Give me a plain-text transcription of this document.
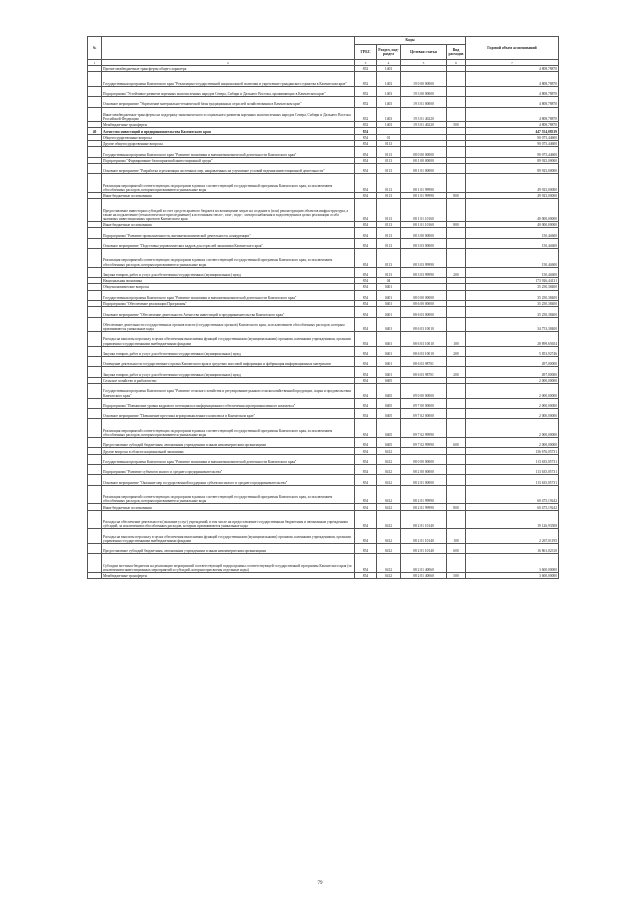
№		Коды				Годовой объем ассигнований
		ГРБС	Раздел, под-раздел	Целевая статья	Вид расходов	
1	2	3	4	5	6	7
	Прочие межбюджетные трансферты общего характера	852	1403			4 808,78870
	Государственная программа Камчатского края "Реализация государственной национальной политики и укрепление гражданского единства в Камчатском крае"	852	1403	19 0 00 00000		4 808,78870
	Подпрограмма "Устойчивое развитие коренных малочисленных народов Севера, Сибири и Дальнего Востока, проживающих в Камчатском крае"	852	1403	19 3 00 00000		4 808,78870
	Основное мероприятие "Укрепление материально-технической базы традиционных отраслей хозяйствования в Камчатском крае"	852	1403	19 3 01 00000		4 808,78870
	Иные межбюджетные трансферты на поддержку экономического и социального развития коренных малочисленных народов Севера, Сибири и Дальнего Востока Российской Федерации	852	1403	19 3 01 40220		4 808,78870
	Межбюджетные трансферты	852	1403	19 3 01 40220	500	4 808,78870
40	Агентство инвестиций и предпринимательства Камчатского края	854				447 554,08319
	Общегосударственные вопросы	854	01			90 075,44600
	Другие общегосударственные вопросы	854	0113			90 075,44600
	Государственная программа Камчатского края "Развитие экономики и внешнеэкономической деятельности Камчатского края"	854	0113	08 0 00 00000		90 075,44600
	Подпрограмма "Формирование благоприятной инвестиционной среды"	854	0113	08 1 00 00000		89 925,00000
	Основное мероприятие "Разработка и реализация системных мер, направленных на улучшение условий ведения инвестиционной деятельности"	854	0113	08 1 01 00000		89 925,00000
	Реализация мероприятий соответствующих подпрограмм в рамках соответствующей государственной программы Камчатского края, за исключением обособленных расходов, которым присваиваются уникальные коды	854	0113	08 1 01 99990		49 925,00000
	Иные бюджетные ассигнования	854	0113	08 1 01 99990	800	49 925,00000
	Предоставление инвесторам субсидий за счет средств краевого бюджета на возмещение затрат на создание и (или) реконструкцию объектов инфраструктуры, а также на подключение (технологическое присоединение) к источникам тепло-, газо-, водо-, электроснабжения и водоотведения в целях реализации особо значимых инвестиционных проектов Камчатского края	854	0113	08 1 01 10160		40 000,00000
	Иные бюджетные ассигнования	854	0113	08 1 01 10160	800	40 000,00000
	Подпрограмма "Развитие промышленности, внешнеэкономической деятельности, конкуренции"	854	0113	08 3 00 00000		150,44600
	Основное мероприятие "Подготовка управленческих кадров для отраслей экономики Камчатского края"	854	0113	08 3 03 00000		150,44600
	Реализация мероприятий соответствующих подпрограмм в рамках соответствующей государственной программы Камчатского края, за исключением обособленных расходов, которым присваиваются уникальные коды	854	0113	08 3 03 99990		150,44600
	Закупка товаров, работ и услуг для обеспечения государственных (муниципальных) нужд	854	0113	08 3 03 99990	200	150,44600
	Национальная экономика	854	04			173 926,44131
	Общеэкономические вопросы	854	0401			35 250,38400
	Государственная программа Камчатского края "Развитие экономики и внешнеэкономической деятельности Камчатского края"	854	0401	08 0 00 00000		35 250,38400
	Подпрограмма "Обеспечение реализации Программы"	854	0401	08 6 00 00000		35 250,38400
	Основное мероприятие "Обеспечение деятельности Агентства инвестиций и предпринимательства Камчатского края"	854	0401	08 6 03 00000		35 250,38400
	Обеспечение деятельности государственных органов власти (государственных органов) Камчатского края, за исключением обособленных расходов, которым присваиваются уникальные коды	854	0401	08 6 03 10010		34 753,38400
	Расходы на выплаты персоналу в целях обеспечения выполнения функций государственными (муниципальными) органами, казенными учреждениями, органами управления государственными внебюджетными фондами	854	0401	08 6 03 10010	100	28 899,65654
	Закупка товаров, работ и услуг для обеспечения государственных (муниципальных) нужд	854	0401	08 6 03 10010	200	5 853,92746
	Освещение деятельности государственного органа Камчатского края в средствах массовой информации и фабрикация информационных материалов	854	0401	08 6 03 98701		497,00000
	Закупка товаров, работ и услуг для обеспечения государственных (муниципальных) нужд	854	0401	08 6 03 98701	200	497,00000
	Сельское хозяйство и рыболовство	854	0405			2 000,00000
	Государственная программа Камчатского края "Развитие сельского хозяйства и регулирование рынков сельскохозяйственной продукции, сырья и продовольствия Камчатского края"	854	0405	09 0 00 00000		2 000,00000
	Подпрограмма "Повышение уровня кадрового потенциала и информационного обеспечения агропромышленного комплекса"	854	0405	09 7 00 00000		2 000,00000
	Основное мероприятие "Повышение престижа агропромышленного комплекса в Камчатском крае"	854	0405	09 7 02 00000		2 000,00000
	Реализация мероприятий соответствующих подпрограмм в рамках соответствующей государственной программы Камчатского края, за исключением обособленных расходов, которым присваиваются уникальные коды	854	0405	09 7 02 99990		2 000,00000
	Предоставление субсидий бюджетным, автономным учреждениям и иным некоммерческим организациям	854	0405	09 7 02 99990	600	2 000,00000
	Другие вопросы в области национальной экономики	854	0412			136 676,05731
	Государственная программа Камчатского края "Развитие экономики и внешнеэкономической деятельности Камчатского края"	854	0412	08 0 00 00000		113 635,05731
	Подпрограмма "Развитие субъектов малого и среднего предпринимательства"	854	0412	08 2 00 00000		113 635,05731
	Основное мероприятие "Оказание мер государственной поддержки субъектам малого и среднего предпринимательства"	854	0412	08 2 01 00000		113 635,05731
	Реализация мероприятий соответствующих подпрограмм в рамках соответствующей государственной программы Камчатского края, за исключением обособленных расходов, которым присваиваются уникальные коды	854	0412	08 2 01 99990		60 475,19242
	Иные бюджетные ассигнования	854	0412	08 2 01 99990	800	60 475,19242
	Расходы на обеспечение деятельности (оказание услуг) учреждений, в том числе на предоставление государственным бюджетным и автономным учреждениям субсидий, за исключением обособленных расходов, которым присваиваются уникальные коды	854	0412	08 2 01 10140		19 126,93508
	Расходы на выплаты персоналу в целях обеспечения выполнения функций государственными (муниципальными) органами, казенными учреждениями, органами управления государственными внебюджетными фондами	854	0412	08 2 01 10140	100	2 267,01195
	Предоставление субсидий бюджетным, автономным учреждениям и иным некоммерческим организациям	854	0412	08 2 01 10140	600	16 861,02310
	Субсидии местным бюджетам на реализацию мероприятий соответствующей подпрограммы соответствующей государственной программы Камчатского края (за исключением инвестиционных мероприятий и субсидий, которым присвоены отдельные коды)	854	0412	08 2 01 40060		3 600,00000
	Межбюджетные трансферты	854	0412	08 2 01 40060	500	3 600,00000
79
